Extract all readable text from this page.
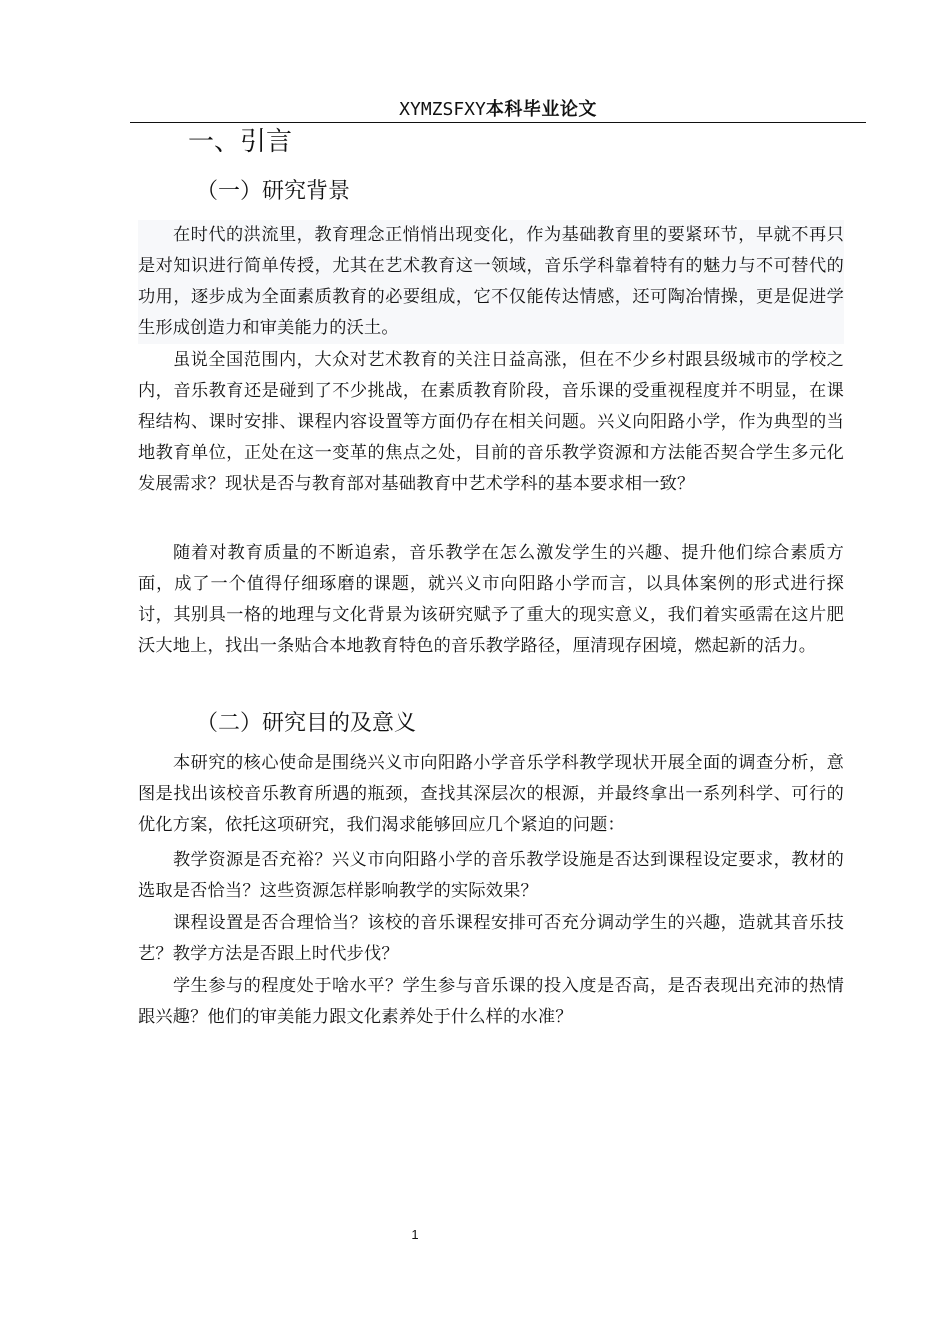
XYMZSFXY本科毕业论文
一、引言
（一）研究背景

在时代的洪流里，教育理念正悄悄出现变化，作为基础教育里的要紧环节，早就不再只是对知识进行简单传授，尤其在艺术教育这一领域，音乐学科靠着特有的魅力与不可替代的功用，逐步成为全面素质教育的必要组成，它不仅能传达情感，还可陶冶情操，更是促进学生形成创造力和审美能力的沃土。

虽说全国范围内，大众对艺术教育的关注日益高涨，但在不少乡村跟县级城市的学校之内，音乐教育还是碰到了不少挑战，在素质教育阶段，音乐课的受重视程度并不明显，在课程结构、课时安排、课程内容设置等方面仍存在相关问题。兴义向阳路小学，作为典型的当地教育单位，正处在这一变革的焦点之处，目前的音乐教学资源和方法能否契合学生多元化发展需求？现状是否与教育部对基础教育中艺术学科的基本要求相一致？

随着对教育质量的不断追索，音乐教学在怎么激发学生的兴趣、提升他们综合素质方面，成了一个值得仔细琢磨的课题，就兴义市向阳路小学而言，以具体案例的形式进行探讨，其别具一格的地理与文化背景为该研究赋予了重大的现实意义，我们着实亟需在这片肥沃大地上，找出一条贴合本地教育特色的音乐教学路径，厘清现存困境，燃起新的活力。

（二）研究目的及意义

本研究的核心使命是围绕兴义市向阳路小学音乐学科教学现状开展全面的调查分析，意图是找出该校音乐教育所遇的瓶颈，查找其深层次的根源，并最终拿出一系列科学、可行的优化方案，依托这项研究，我们渴求能够回应几个紧迫的问题：

教学资源是否充裕？兴义市向阳路小学的音乐教学设施是否达到课程设定要求，教材的选取是否恰当？这些资源怎样影响教学的实际效果？

课程设置是否合理恰当？该校的音乐课程安排可否充分调动学生的兴趣，造就其音乐技艺？教学方法是否跟上时代步伐？

学生参与的程度处于啥水平？学生参与音乐课的投入度是否高，是否表现出充沛的热情跟兴趣？他们的审美能力跟文化素养处于什么样的水准？

1
